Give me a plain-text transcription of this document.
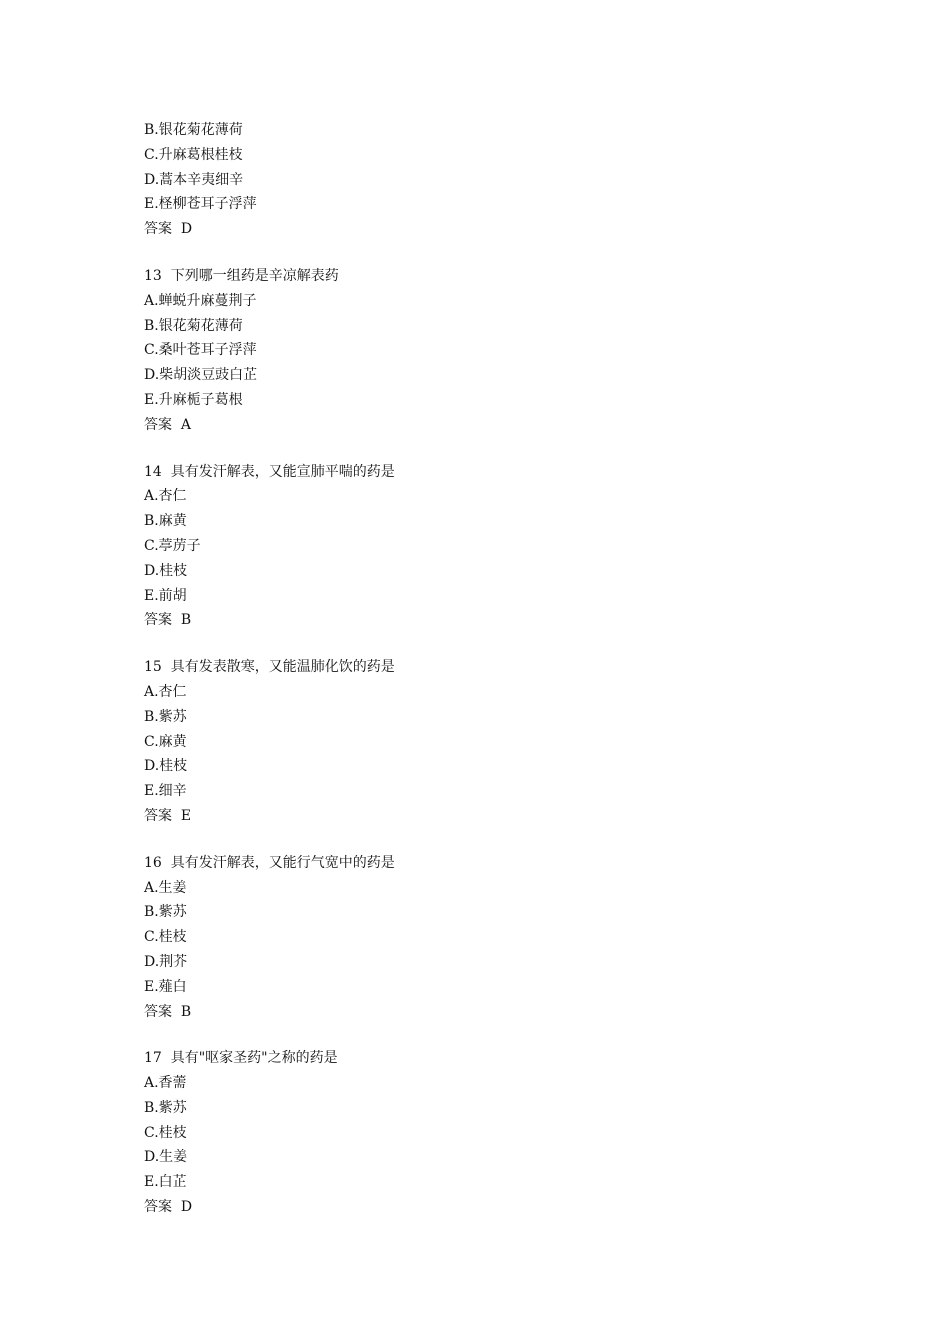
B.银花菊花薄荷
C.升麻葛根桂枝
D.蒿本辛夷细辛
E.柽柳苍耳子浮萍
答案  D
13  下列哪一组药是辛凉解表药
A.蝉蜕升麻蔓荆子
B.银花菊花薄荷
C.桑叶苍耳子浮萍
D.柴胡淡豆豉白芷
E.升麻栀子葛根
答案  A
14  具有发汗解表，又能宣肺平喘的药是
A.杏仁
B.麻黄
C.葶苈子
D.桂枝
E.前胡
答案  B
15  具有发表散寒，又能温肺化饮的药是
A.杏仁
B.紫苏
C.麻黄
D.桂枝
E.细辛
答案  E
16  具有发汗解表，又能行气宽中的药是
A.生姜
B.紫苏
C.桂枝
D.荆芥
E.薤白
答案  B
17  具有"呕家圣药"之称的药是
A.香薷
B.紫苏
C.桂枝
D.生姜
E.白芷
答案  D
